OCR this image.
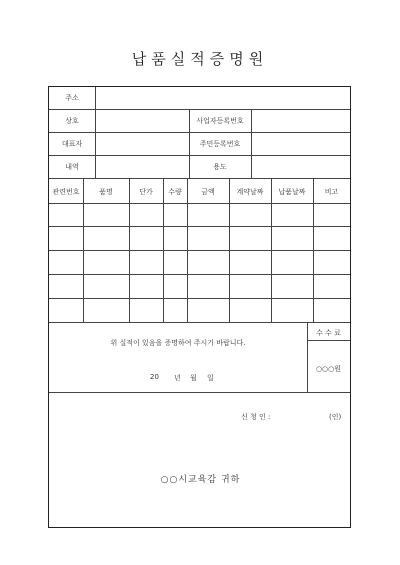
납품실적증명원
주소
상호	사업자등록번호
대표자	주민등록번호
내역	용도
관련번호	품명	단가	수량	금액	계약날짜	납품날짜	비고
위 실적이 있음을 증명하여 주시기 바랍니다.
20 년 월 일
수 수 료
○○○원
신 청 인 :	(인)
○○시교육감 귀하
